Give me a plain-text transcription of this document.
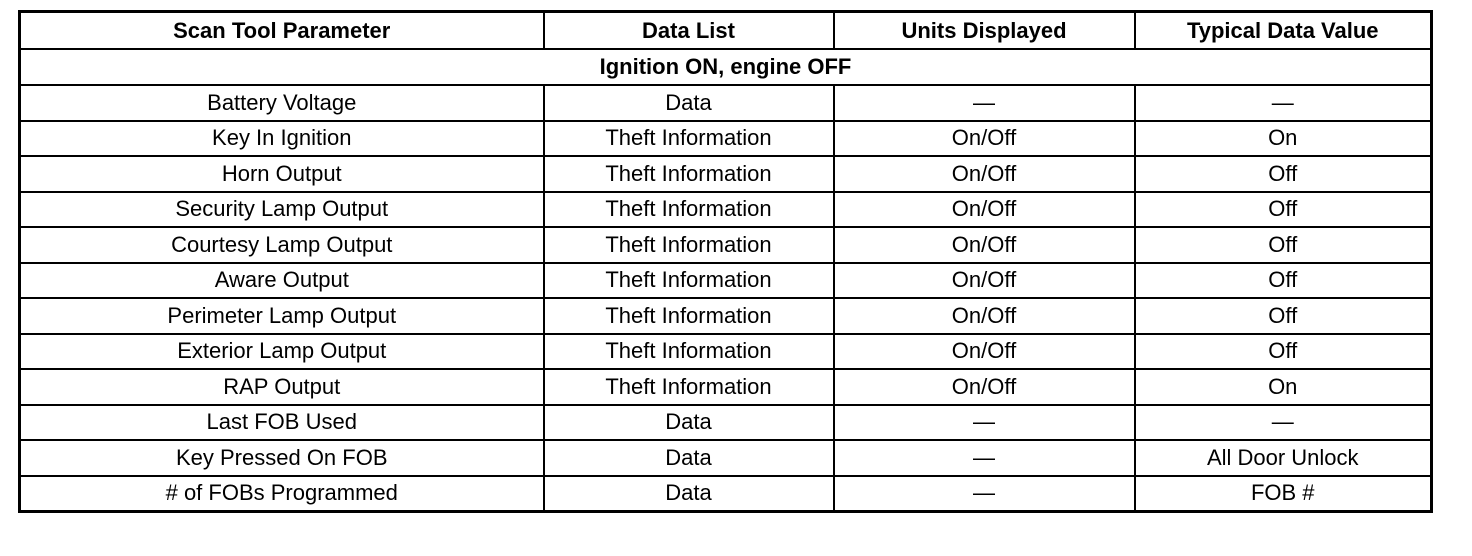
Scan Tool Parameter	Data List	Units Displayed	Typical Data Value
Ignition ON, engine OFF			
Battery Voltage	Data	—	—
Key In Ignition	Theft Information	On/Off	On
Horn Output	Theft Information	On/Off	Off
Security Lamp Output	Theft Information	On/Off	Off
Courtesy Lamp Output	Theft Information	On/Off	Off
Aware Output	Theft Information	On/Off	Off
Perimeter Lamp Output	Theft Information	On/Off	Off
Exterior Lamp Output	Theft Information	On/Off	Off
RAP Output	Theft Information	On/Off	On
Last FOB Used	Data	—	—
Key Pressed On FOB	Data	—	All Door Unlock
# of FOBs Programmed	Data	—	FOB #
